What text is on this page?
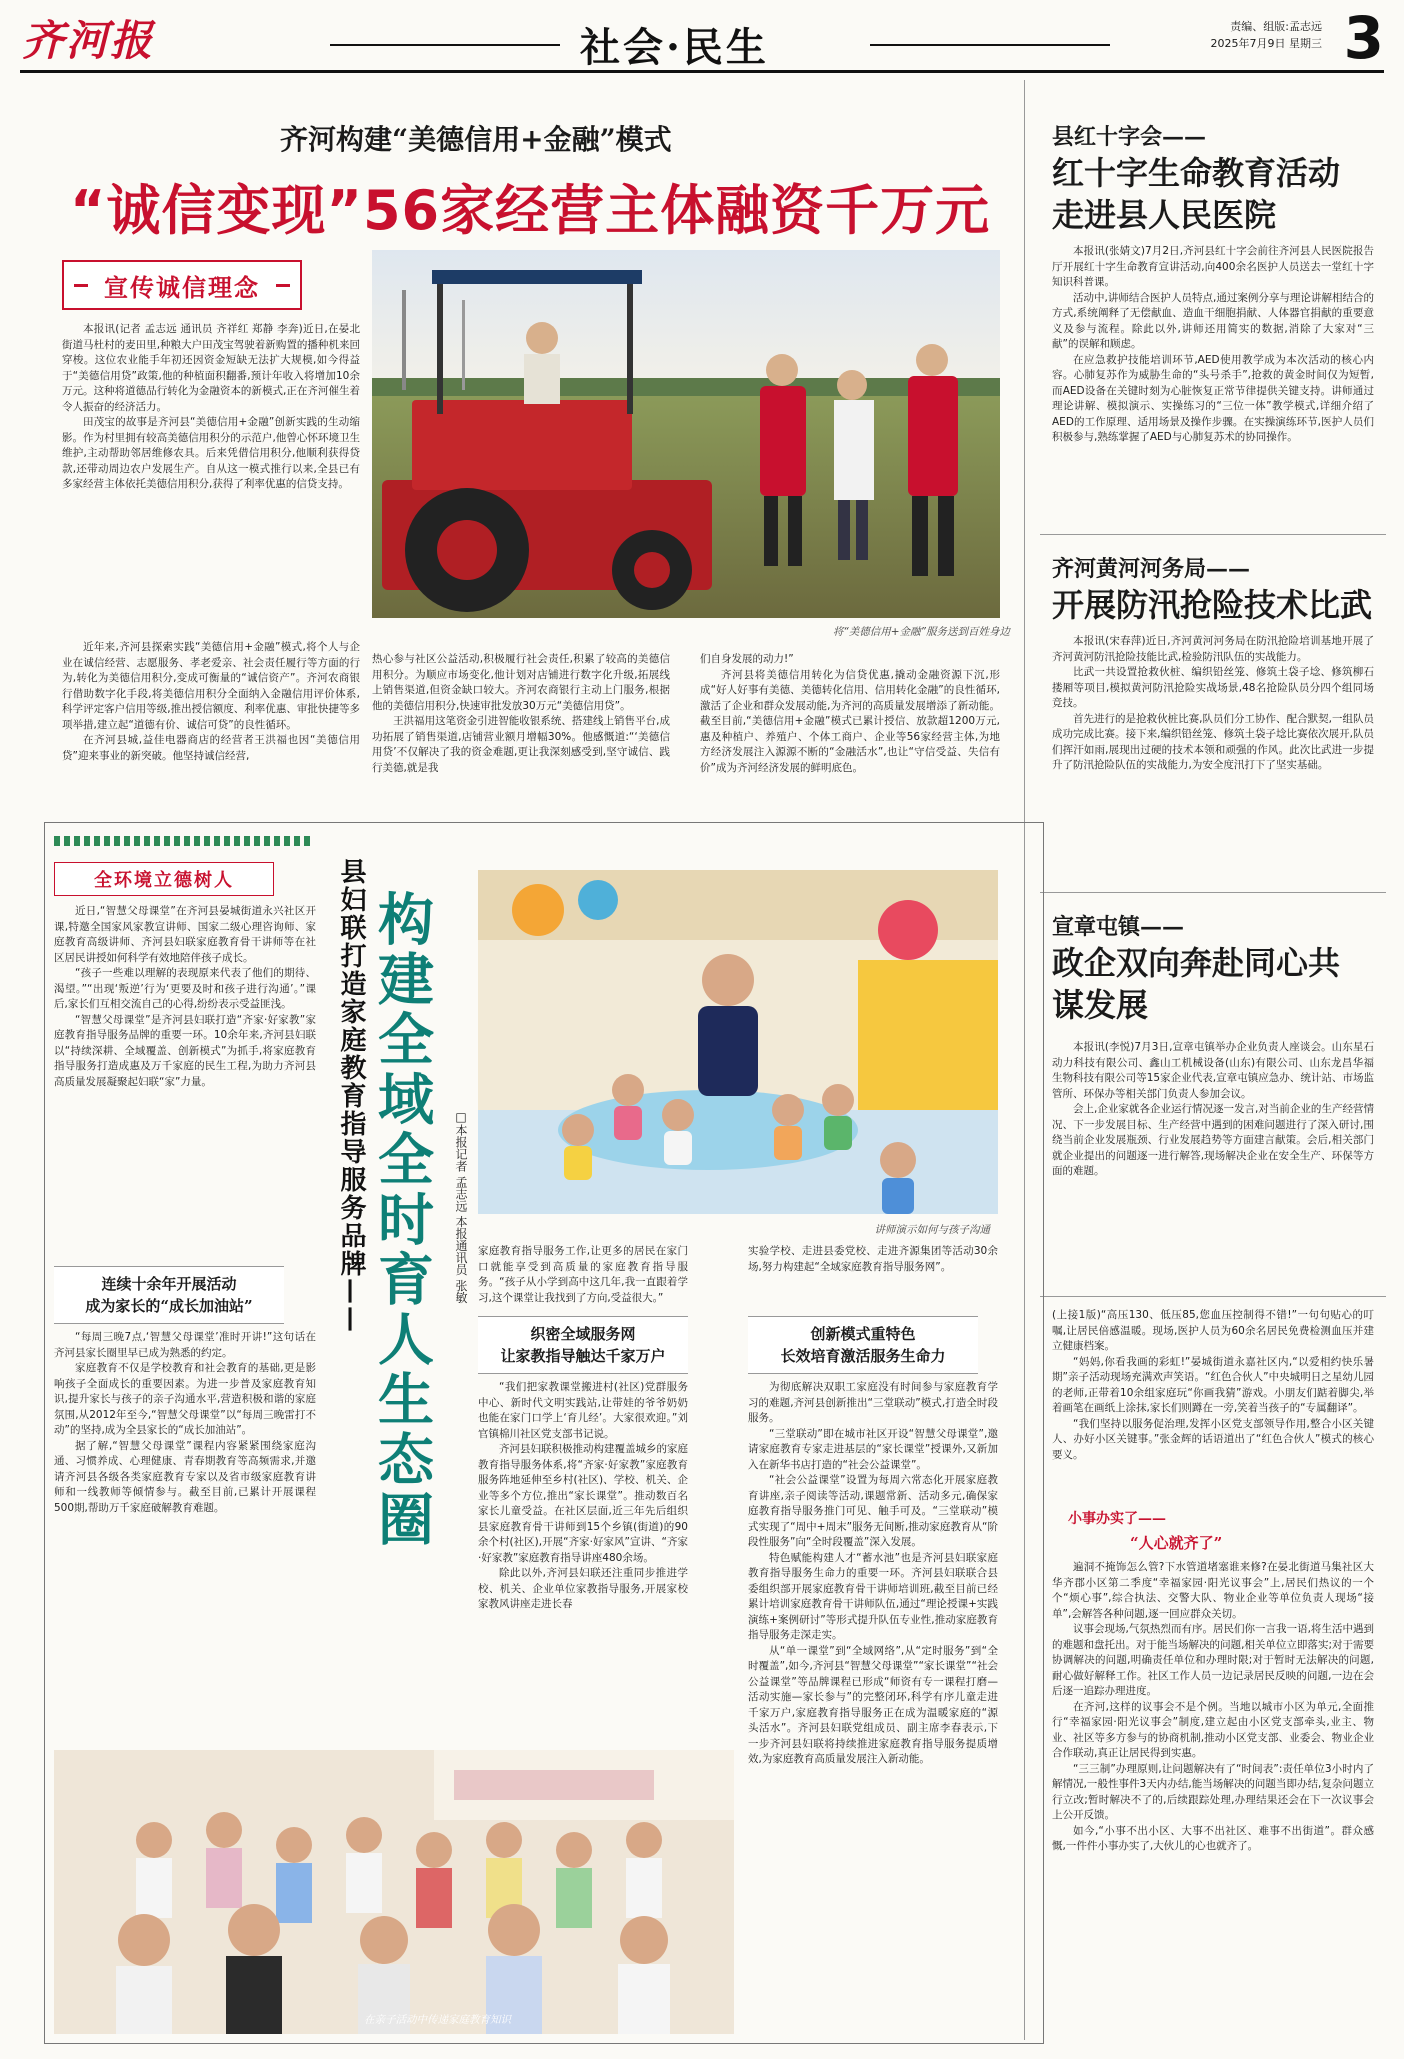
齐河报	社会·民生	责编、组版:孟志远
2025年7月9日 星期三 3
齐河构建“美德信用+金融”模式
“诚信变现”56家经营主体融资千万元
宣传诚信理念
将“美德信用+金融”服务送到百姓身边

本报讯(记者 孟志远 通讯员 齐祥红 郑静 李奔)近日,在晏北街道马杜村的麦田里,种粮大户田茂宝驾驶着新购置的播种机来回穿梭。这位农业能手年初还因资金短缺无法扩大规模,如今得益于“美德信用贷”政策,他的种植面积翻番,预计年收入将增加10余万元。这种将道德品行转化为金融资本的新模式,正在齐河催生着令人振奋的经济活力。

田茂宝的故事是齐河县“美德信用+金融”创新实践的生动缩影。作为村里拥有较高美德信用积分的示范户,他曾心怀环境卫生维护,主动帮助邻居维修农具。后来凭借信用积分,他顺利获得贷款,还带动周边农户发展生产。自从这一模式推行以来,全县已有多家经营主体依托美德信用积分,获得了利率优惠的信贷支持。

近年来,齐河县探索实践“美德信用+金融”模式,将个人与企业在诚信经营、志愿服务、孝老爱亲、社会责任履行等方面的行为,转化为美德信用积分,变成可衡量的“诚信资产”。齐河农商银行借助数字化手段,将美德信用积分全面纳入金融信用评价体系,科学评定客户信用等级,推出授信额度、利率优惠、审批快捷等多项举措,建立起“道德有价、诚信可贷”的良性循环。

在齐河县城,益佳电器商店的经营者王洪福也因“美德信用贷”迎来事业的新突破。他坚持诚信经营,

热心参与社区公益活动,积极履行社会责任,积累了较高的美德信用积分。为顺应市场变化,他计划对店铺进行数字化升级,拓展线上销售渠道,但资金缺口较大。齐河农商银行主动上门服务,根据他的美德信用积分,快速审批发放30万元“美德信用贷”。

王洪福用这笔资金引进智能收银系统、搭建线上销售平台,成功拓展了销售渠道,店铺营业额月增幅30%。他感慨道:“‘美德信用贷’不仅解决了我的资金难题,更让我深刻感受到,坚守诚信、践行美德,就是我

们自身发展的动力!”

齐河县将美德信用转化为信贷优惠,撬动金融资源下沉,形成“好人好事有美德、美德转化信用、信用转化金融”的良性循环,激活了企业和群众发展动能,为齐河的高质量发展增添了新动能。截至目前,“美德信用+金融”模式已累计授信、放款超1200万元,惠及种植户、养殖户、个体工商户、企业等56家经营主体,为地方经济发展注入源源不断的“金融活水”,也让“守信受益、失信有价”成为齐河经济发展的鲜明底色。

县红十字会——
红十字生命教育活动走进县人民医院

本报讯(张婧文)7月2日,齐河县红十字会前往齐河县人民医院报告厅开展红十字生命教育宣讲活动,向400余名医护人员送去一堂红十字知识科普课。

活动中,讲师结合医护人员特点,通过案例分享与理论讲解相结合的方式,系统阐释了无偿献血、造血干细胞捐献、人体器官捐献的重要意义及参与流程。除此以外,讲师还用简实的数据,消除了大家对“三献”的误解和顾虑。

在应急救护技能培训环节,AED使用教学成为本次活动的核心内容。心肺复苏作为威胁生命的“头号杀手”,抢救的黄金时间仅为短暂,而AED设备在关键时刻为心脏恢复正常节律提供关键支持。讲师通过理论讲解、模拟演示、实操练习的“三位一体”教学模式,详细介绍了AED的工作原理、适用场景及操作步骤。在实操演练环节,医护人员们积极参与,熟练掌握了AED与心肺复苏术的协同操作。

齐河黄河河务局——
开展防汛抢险技术比武

本报讯(宋春萍)近日,齐河黄河河务局在防汛抢险培训基地开展了齐河黄河防汛抢险技能比武,检验防汛队伍的实战能力。

比武一共设置抢救伙桩、编织铅丝笼、修筑土袋子埝、修筑柳石搂厢等项目,模拟黄河防汛抢险实战场景,48名抢险队员分四个组同场竞技。

首先进行的是抢救伙桩比赛,队员们分工协作、配合默契,一组队员成功完成比赛。接下来,编织铅丝笼、修筑土袋子埝比赛依次展开,队员们挥汗如雨,展现出过硬的技术本领和顽强的作风。此次比武进一步提升了防汛抢险队伍的实战能力,为安全度汛打下了坚实基础。

宣章屯镇——
政企双向奔赴同心共谋发展

本报讯(李悦)7月3日,宣章屯镇举办企业负责人座谈会。山东星石动力科技有限公司、鑫山工机械设备(山东)有限公司、山东龙昌华福生物科技有限公司等15家企业代表,宣章屯镇应急办、统计站、市场监管所、环保办等相关部门负责人参加会议。

会上,企业家就各企业运行情况逐一发言,对当前企业的生产经营情况、下一步发展目标、生产经营中遇到的困难问题进行了深入研讨,围绕当前企业发展瓶颈、行业发展趋势等方面建言献策。会后,相关部门就企业提出的问题逐一进行解答,现场解决企业在安全生产、环保等方面的难题。

(上接1版)“高压130、低压85,您血压控制得不错!”一句句贴心的叮嘱,让居民倍感温暖。现场,医护人员为60余名居民免费检测血压并建立健康档案。

“妈妈,你看我画的彩虹!”晏城街道永嘉社区内,“以爱相约快乐暑期”亲子活动现场充满欢声笑语。“红色合伙人”中央城明日之星幼儿园的老师,正带着10余组家庭玩“你画我猜”游戏。小朋友们踮着脚尖,举着画笔在画纸上涂抹,家长们则蹲在一旁,笑着当孩子的“专属翻译”。

“我们坚持以服务促治理,发挥小区党支部领导作用,整合小区关键人、办好小区关键事。”张金辉的话语道出了“红色合伙人”模式的核心要义。

小事办实了——
“人心就齐了”

遍洞不掩饰怎么管?下水管道堵塞谁来修?在晏北街道马集社区大华齐郡小区第二季度“幸福家园·阳光议事会”上,居民们热议的一个个“烦心事”,综合执法、交警大队、物业企业等单位负责人现场“接单”,会解答各种问题,逐一回应群众关切。

议事会现场,气氛热烈而有序。居民们你一言我一语,将生活中遇到的难题和盘托出。对于能当场解决的问题,相关单位立即落实;对于需要协调解决的问题,明确责任单位和办理时限;对于暂时无法解决的问题,耐心做好解释工作。社区工作人员一边记录居民反映的问题,一边在会后逐一追踪办理进度。

在齐河,这样的议事会不是个例。当地以城市小区为单元,全面推行“幸福家园·阳光议事会”制度,建立起由小区党支部牵头,业主、物业、社区等多方参与的协商机制,推动小区党支部、业委会、物业企业合作联动,真正让居民得到实惠。

“三三制”办理原则,让问题解决有了“时间表”:责任单位3小时内了解情况,一般性事件3天内办结,能当场解决的问题当即办结,复杂问题立行立改;暂时解决不了的,后续跟踪处理,办理结果还会在下一次议事会上公开反馈。

如今,“小事不出小区、大事不出社区、难事不出街道”。群众感慨,一件件小事办实了,大伙儿的心也就齐了。

全环境立德树人	县妇联打造家庭教育指导服务品牌—— 构建全域全时育人生态圈	□本报记者 孟志远 本报通讯员 张敏	讲师演示如何与孩子沟通

近日,“智慧父母课堂”在齐河县晏城街道永兴社区开课,特邀全国家风家教宣讲师、国家二级心理咨询师、家庭教育高级讲师、齐河县妇联家庭教育骨干讲师等在社区居民讲授如何科学有效地陪伴孩子成长。

“孩子一些难以理解的表现原来代表了他们的期待、渴望。”“出现‘叛逆’行为‘更要及时和孩子进行沟通’。”课后,家长们互相交流自己的心得,纷纷表示受益匪浅。

“智慧父母课堂”是齐河县妇联打造“齐家·好家教”家庭教育指导服务品牌的重要一环。10余年来,齐河县妇联以“持续深耕、全域覆盖、创新模式”为抓手,将家庭教育指导服务打造成惠及万千家庭的民生工程,为助力齐河县高质量发展凝聚起妇联“家”力量。

连续十余年开展活动
成为家长的“成长加油站”

“每周三晚7点,‘智慧父母课堂’准时开讲!”这句话在齐河县家长圈里早已成为熟悉的约定。

家庭教育不仅是学校教育和社会教育的基础,更是影响孩子全面成长的重要因素。为进一步普及家庭教育知识,提升家长与孩子的亲子沟通水平,营造积极和谐的家庭氛围,从2012年至今,“智慧父母课堂”以“每周三晚雷打不动”的坚持,成为全县家长的“成长加油站”。

据了解,“智慧父母课堂”课程内容紧紧围绕家庭沟通、习惯养成、心理健康、青春期教育等高频需求,并邀请齐河县各级各类家庭教育专家以及省市级家庭教育讲师和一线教师等倾情参与。截至目前,已累计开展课程500期,帮助万千家庭破解教育难题。

家庭教育指导服务工作,让更多的居民在家门口就能享受到高质量的家庭教育指导服务。“孩子从小学到高中这几年,我一直跟着学习,这个课堂让我找到了方向,受益很大。”

织密全域服务网
让家教指导触达千家万户

“我们把家教课堂搬进村(社区)党群服务中心、新时代文明实践站,让带娃的爷爷奶奶也能在家门口学上‘育儿经’。大家很欢迎。”刘官镇棉川社区党支部书记说。

齐河县妇联积极推动构建覆盖城乡的家庭教育指导服务体系,将“齐家·好家教”家庭教育服务阵地延伸至乡村(社区)、学校、机关、企业等多个方位,推出“家长课堂”。推动数百名家长儿童受益。在社区层面,近三年先后组织县家庭教育骨干讲师到15个乡镇(街道)的90余个村(社区),开展“齐家·好家风”宣讲、“齐家·好家教”家庭教育指导讲座480余场。

除此以外,齐河县妇联还注重同步推进学校、机关、企业单位家教指导服务,开展家校家教风讲座走进长春

实验学校、走进县委党校、走进齐源集团等活动30余场,努力构建起“全域家庭教育指导服务网”。

创新模式重特色
长效培育激活服务生命力

为彻底解决双职工家庭没有时间参与家庭教育学习的难题,齐河县创新推出“三堂联动”模式,打造全时段服务。

“三堂联动”即在城市社区开设“智慧父母课堂”,邀请家庭教育专家走进基层的“家长课堂”授课外,又新加入在新华书店打造的“社会公益课堂”。

“社会公益课堂”设置为每周六常态化开展家庭教育讲座,亲子阅读等活动,课题常新、活动多元,确保家庭教育指导服务推门可见、触手可及。“三堂联动”模式实现了“周中+周末”服务无间断,推动家庭教育从“阶段性服务”向“全时段覆盖”深入发展。

特色赋能构建人才“蓄水池”也是齐河县妇联家庭教育指导服务生命力的重要一环。齐河县妇联联合县委组织部开展家庭教育骨干讲师培训班,截至目前已经累计培训家庭教育骨干讲师队伍,通过“理论授课+实践演练+案例研讨”等形式提升队伍专业性,推动家庭教育指导服务走深走实。

从“单一课堂”到“全域网络”,从“定时服务”到“全时覆盖”,如今,齐河县“智慧父母课堂”“家长课堂”“社会公益课堂”等品牌课程已形成“师资有专一课程打磨—活动实施—家长参与”的完整闭环,科学有序儿童走进千家万户,家庭教育指导服务正在成为温暖家庭的“源头活水”。齐河县妇联党组成员、副主席李春表示,下一步齐河县妇联将持续推进家庭教育指导服务提质增效,为家庭教育高质量发展注入新动能。

在亲子活动中传递家庭教育知识
